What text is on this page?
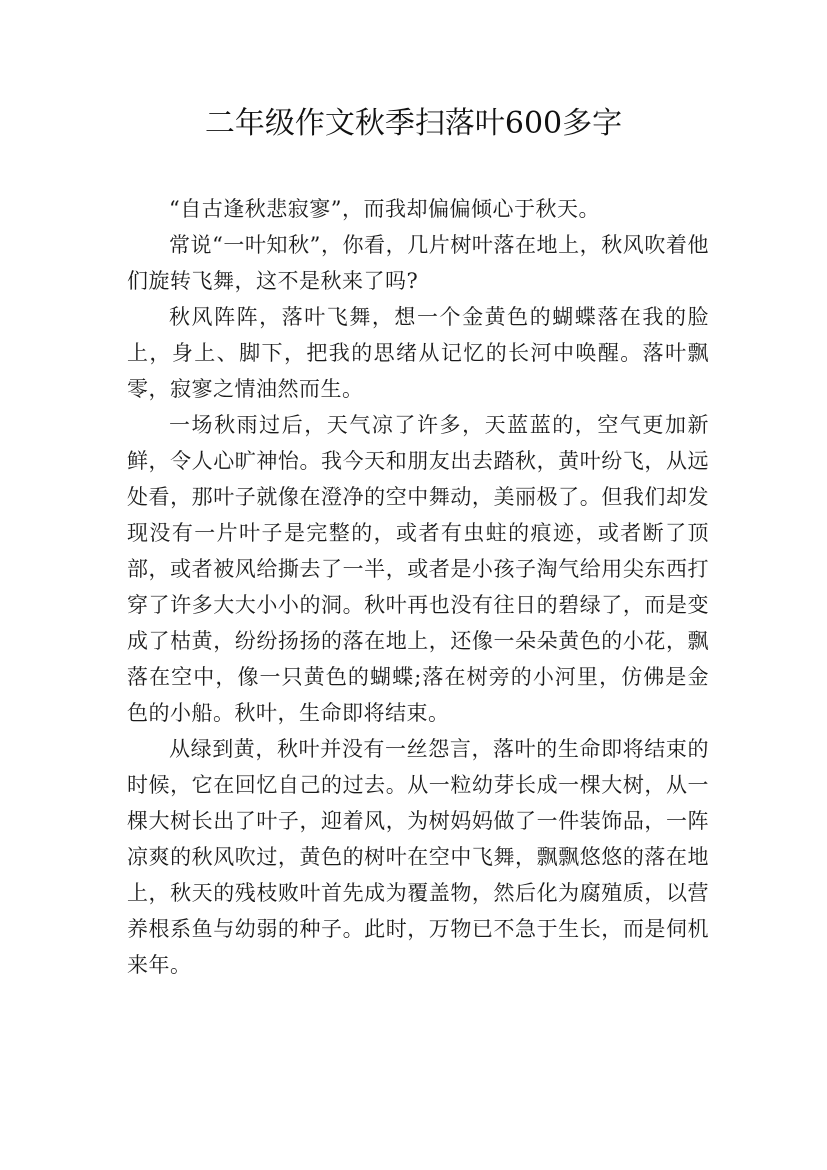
二年级作文秋季扫落叶600多字

“自古逢秋悲寂寥”，而我却偏偏倾心于秋天。

常说“一叶知秋”，你看，几片树叶落在地上，秋风吹着他们旋转飞舞，这不是秋来了吗?

秋风阵阵，落叶飞舞，想一个金黄色的蝴蝶落在我的脸上，身上、脚下，把我的思绪从记忆的长河中唤醒。落叶飘零，寂寥之情油然而生。

一场秋雨过后，天气凉了许多，天蓝蓝的，空气更加新鲜，令人心旷神怡。我今天和朋友出去踏秋，黄叶纷飞，从远处看，那叶子就像在澄净的空中舞动，美丽极了。但我们却发现没有一片叶子是完整的，或者有虫蛀的痕迹，或者断了顶部，或者被风给撕去了一半，或者是小孩子淘气给用尖东西打穿了许多大大小小的洞。秋叶再也没有往日的碧绿了，而是变成了枯黄，纷纷扬扬的落在地上，还像一朵朵黄色的小花，飘落在空中，像一只黄色的蝴蝶;落在树旁的小河里，仿佛是金色的小船。秋叶，生命即将结束。

从绿到黄，秋叶并没有一丝怨言，落叶的生命即将结束的时候，它在回忆自己的过去。从一粒幼芽长成一棵大树，从一棵大树长出了叶子，迎着风，为树妈妈做了一件装饰品，一阵凉爽的秋风吹过，黄色的树叶在空中飞舞，飘飘悠悠的落在地上，秋天的残枝败叶首先成为覆盖物，然后化为腐殖质，以营养根系鱼与幼弱的种子。此时，万物已不急于生长，而是伺机来年。
